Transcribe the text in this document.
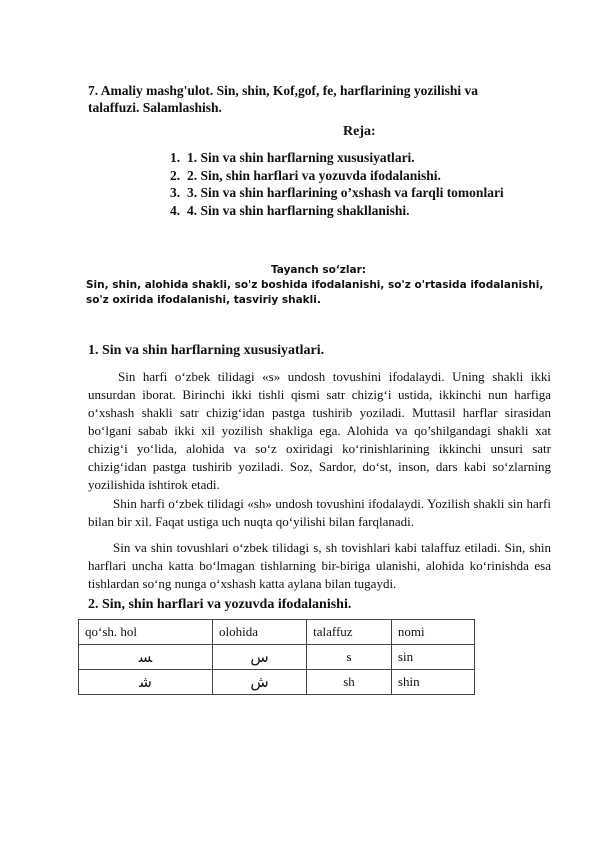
7. Amaliy mashg'ulot. Sin, shin, Kof,gof, fe, harflarining yozilishi va talaffuzi. Salamlashish.
Reja:
1. 1. Sin va shin harflarning xususiyatlari.
2. 2. Sin, shin harflari va yozuvda ifodalanishi.
3. 3. Sin va shin harflarining o’xshash va farqli tomonlari
4. 4. Sin va shin harflarning shakllanishi.
Tayanch so‘zlar:
Sin, shin, alohida shakli, so'z boshida ifodalanishi, so'z o'rtasida ifodalanishi, so'z oxirida ifodalanishi, tasviriy shakli.
1. Sin va shin harflarning xususiyatlari.

Sin harfi o‘zbek tilidagi «s» undosh tovushini ifodalaydi. Uning shakli ikki unsurdan iborat. Birinchi ikki tishli qismi satr chizig‘i ustida, ikkinchi nun harfiga o‘xshash shakli satr chizig‘idan pastga tushirib yoziladi. Muttasil harflar sirasidan bo‘lgani sabab ikki xil yozilish shakliga ega. Alohida va qo’shilgandagi shakli xat chizig‘i yo‘lida, alohida va so‘z oxiridagi ko‘rinishlarining ikkinchi unsuri satr chizig‘idan pastga tushirib yoziladi. Soz, Sardor, do‘st, inson, dars kabi so‘zlarning yozilishida ishtirok etadi.

Shin harfi o‘zbek tilidagi «sh» undosh tovushini ifodalaydi. Yozilish shakli sin harfi bilan bir xil. Faqat ustiga uch nuqta qo‘yilishi bilan farqlanadi.

Sin va shin tovushlari o‘zbek tilidagi s, sh tovishlari kabi talaffuz etiladi. Sin, shin harflari uncha katta bo‘lmagan tishlarning bir-biriga ulanishi, alohida ko‘rinishda esa tishlardan so‘ng nunga o‘xshash katta aylana bilan tugaydi.

2. Sin, shin harflari va yozuvda ifodalanishi.
qo‘sh. hol	olohida	talaffuz	nomi
ﺴ	س	s	sin
ﺷ	ش	sh	shin
